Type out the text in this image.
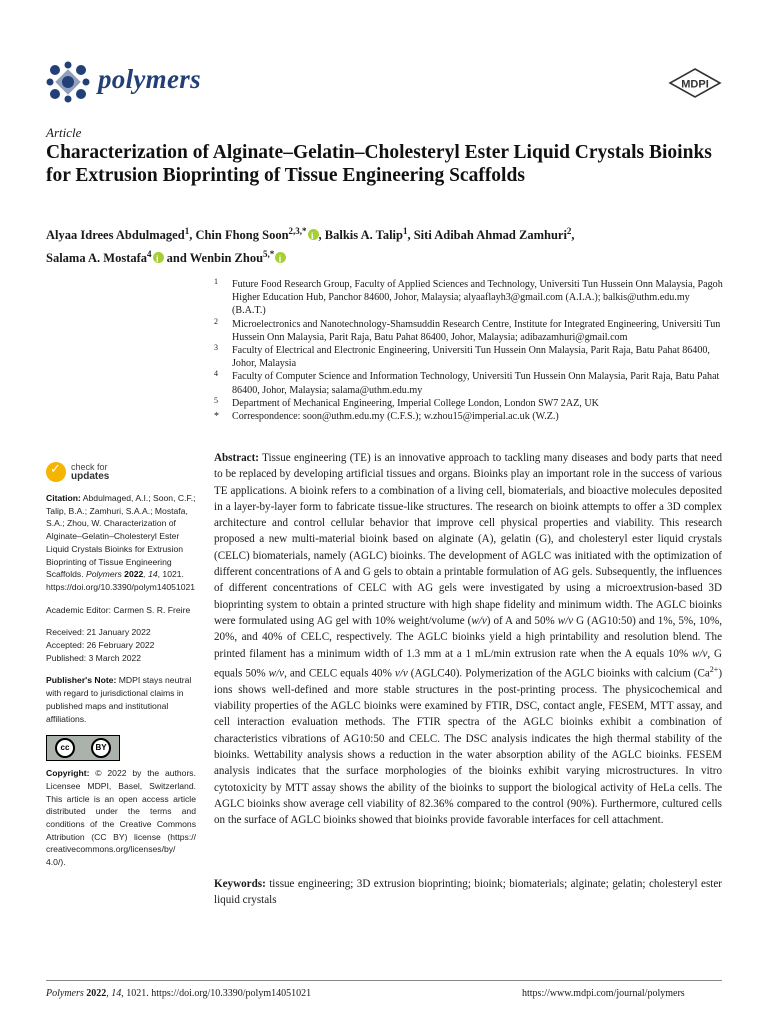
polymers	MDPI
Article
Characterization of Alginate–Gelatin–Cholesteryl Ester Liquid Crystals Bioinks for Extrusion Bioprinting of Tissue Engineering Scaffolds
Alyaa Idrees Abdulmaged$^1$, Chin Fhong Soon$^{2,3,*}$i , Balkis A. Talip$^1$, Siti Adibah Ahmad Zamhuri$^2$,
Salama A. Mostafa$^4$i and Wenbin Zhou$^{5,*}$i
1 Future Food Research Group, Faculty of Applied Sciences and Technology, Universiti Tun Hussein Onn Malaysia, Pagoh Higher Education Hub, Panchor 84600, Johor, Malaysia; alyaaflayh3@gmail.com (A.I.A.); balkis@uthm.edu.my (B.A.T.)
2 Microelectronics and Nanotechnology-Shamsuddin Research Centre, Institute for Integrated Engineering, Universiti Tun Hussein Onn Malaysia, Parit Raja, Batu Pahat 86400, Johor, Malaysia; adibazamhuri@gmail.com
3 Faculty of Electrical and Electronic Engineering, Universiti Tun Hussein Onn Malaysia, Parit Raja, Batu Pahat 86400, Johor, Malaysia
4 Faculty of Computer Science and Information Technology, Universiti Tun Hussein Onn Malaysia, Parit Raja, Batu Pahat 86400, Johor, Malaysia; salama@uthm.edu.my
5 Department of Mechanical Engineering, Imperial College London, London SW7 2AZ, UK
* Correspondence: soon@uthm.edu.my (C.F.S.); w.zhou15@imperial.ac.uk (W.Z.)
✓
check for
updates
Citation: Abdulmaged, A.I.; Soon, C.F.; Talip, B.A.; Zamhuri, S.A.A.; Mostafa, S.A.; Zhou, W. Characterization of Alginate–Gelatin–Cholesteryl Ester Liquid Crystals Bioinks for Extrusion Bioprinting of Tissue Engineering Scaffolds. Polymers 2022, 14, 1021. https://doi.org/10.3390/polym14051021
Academic Editor: Carmen S. R. Freire
Received: 21 January 2022
Accepted: 26 February 2022
Published: 3 March 2022
Publisher's Note: MDPI stays neutral with regard to jurisdictional claims in published maps and institutional affiliations.
cc	BY
Copyright: © 2022 by the authors. Licensee MDPI, Basel, Switzerland. This article is an open access article distributed under the terms and conditions of the Creative Commons Attribution (CC BY) license (https:// creativecommons.org/licenses/by/ 4.0/).
Abstract: Tissue engineering (TE) is an innovative approach to tackling many diseases and body parts that need to be replaced by developing artificial tissues and organs. Bioinks play an important role in the success of various TE applications. A bioink refers to a combination of a living cell, biomaterials, and bioactive molecules deposited in a layer-by-layer form to fabricate tissue-like structures. The research on bioink attempts to offer a 3D complex architecture and control cellular behavior that improve cell physical properties and viability. This research proposed a new multi-material bioink based on alginate (A), gelatin (G), and cholesteryl ester liquid crystals (CELC) biomaterials, namely (AGLC) bioinks. The development of AGLC was initiated with the optimization of different concentrations of A and G gels to obtain a printable formulation of AG gels. Subsequently, the influences of different concentrations of CELC with AG gels were investigated by using a microextrusion-based 3D bioprinting system to obtain a printed structure with high shape fidelity and minimum width. The AGLC bioinks were formulated using AG gel with 10% weight/volume (w/v) of A and 50% w/v G (AG10:50) and 1%, 5%, 10%, 20%, and 40% of CELC, respectively. The AGLC bioinks yield a high printability and resolution blend. The printed filament has a minimum width of 1.3 mm at a 1 mL/min extrusion rate when the A equals 10% w/v, G equals 50% w/v, and CELC equals 40% v/v (AGLC40). Polymerization of the AGLC bioinks with calcium $(Ca^{2+})$ ions shows well-defined and more stable structures in the post-printing process. The physicochemical and viability properties of the AGLC bioinks were examined by FTIR, DSC, contact angle, FESEM, MTT assay, and cell interaction evaluation methods. The FTIR spectra of the AGLC bioinks exhibit a combination of characteristics vibrations of AG10:50 and CELC. The DSC analysis indicates the high thermal stability of the bioinks. Wettability analysis shows a reduction in the water absorption ability of the AGLC bioinks. FESEM analysis indicates that the surface morphologies of the bioinks exhibit varying microstructures. In vitro cytotoxicity by MTT assay shows the ability of the bioinks to support the biological activity of HeLa cells. The AGLC bioinks show average cell viability of 82.36% compared to the control (90%). Furthermore, cultured cells on the surface of AGLC bioinks showed that bioinks provide favorable interfaces for cell attachment.
Keywords: tissue engineering; 3D extrusion bioprinting; bioink; biomaterials; alginate; gelatin; cholesteryl ester liquid crystals
Polymers 2022, 14, 1021. https://doi.org/10.3390/polym14051021	https://www.mdpi.com/journal/polymers
